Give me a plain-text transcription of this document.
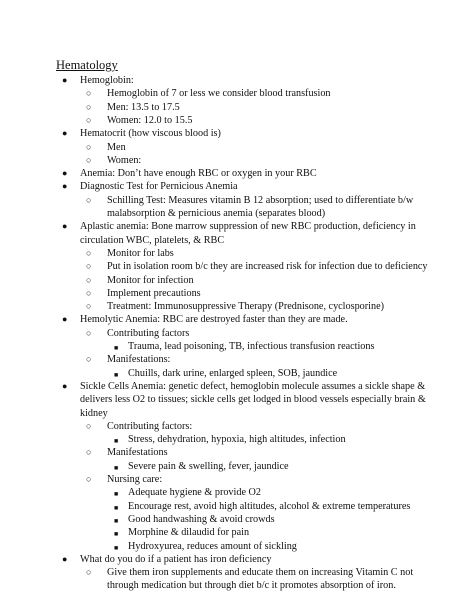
Hematology
● Hemoglobin:
○ Hemoglobin of 7 or less we consider blood transfusion
○ Men: 13.5 to 17.5
○ Women: 12.0 to 15.5
● Hematocrit (how viscous blood is)
○ Men
○ Women:
● Anemia: Don’t have enough RBC or oxygen in your RBC
● Diagnostic Test for Pernicious Anemia
○ Schilling Test: Measures vitamin B 12 absorption; used to differentiate b/w
malabsorption & pernicious anemia (separates blood)
● Aplastic anemia: Bone marrow suppression of new RBC production, deficiency in
circulation WBC, platelets, & RBC
○ Monitor for labs
○ Put in isolation room b/c they are increased risk for infection due to deficiency
○ Monitor for infection
○ Implement precautions
○ Treatment: Immunosuppressive Therapy (Prednisone, cyclosporine)
● Hemolytic Anemia: RBC are destroyed faster than they are made.
○ Contributing factors
■ Trauma, lead poisoning, TB, infectious transfusion reactions
○ Manifestations:
■ Chuills, dark urine, enlarged spleen, SOB, jaundice
● Sickle Cells Anemia: genetic defect, hemoglobin molecule assumes a sickle shape &
delivers less O2 to tissues; sickle cells get lodged in blood vessels especially brain &
kidney
○ Contributing factors:
■ Stress, dehydration, hypoxia, high altitudes, infection
○ Manifestations
■ Severe pain & swelling, fever, jaundice
○ Nursing care:
■ Adequate hygiene & provide O2
■ Encourage rest, avoid high altitudes, alcohol & extreme temperatures
■ Good handwashing & avoid crowds
■ Morphine & dilaudid for pain
■ Hydroxyurea, reduces amount of sickling
● What do you do if a patient has iron deficiency
○ Give them iron supplements and educate them on increasing Vitamin C not
through medication but through diet b/c it promotes absorption of iron.
